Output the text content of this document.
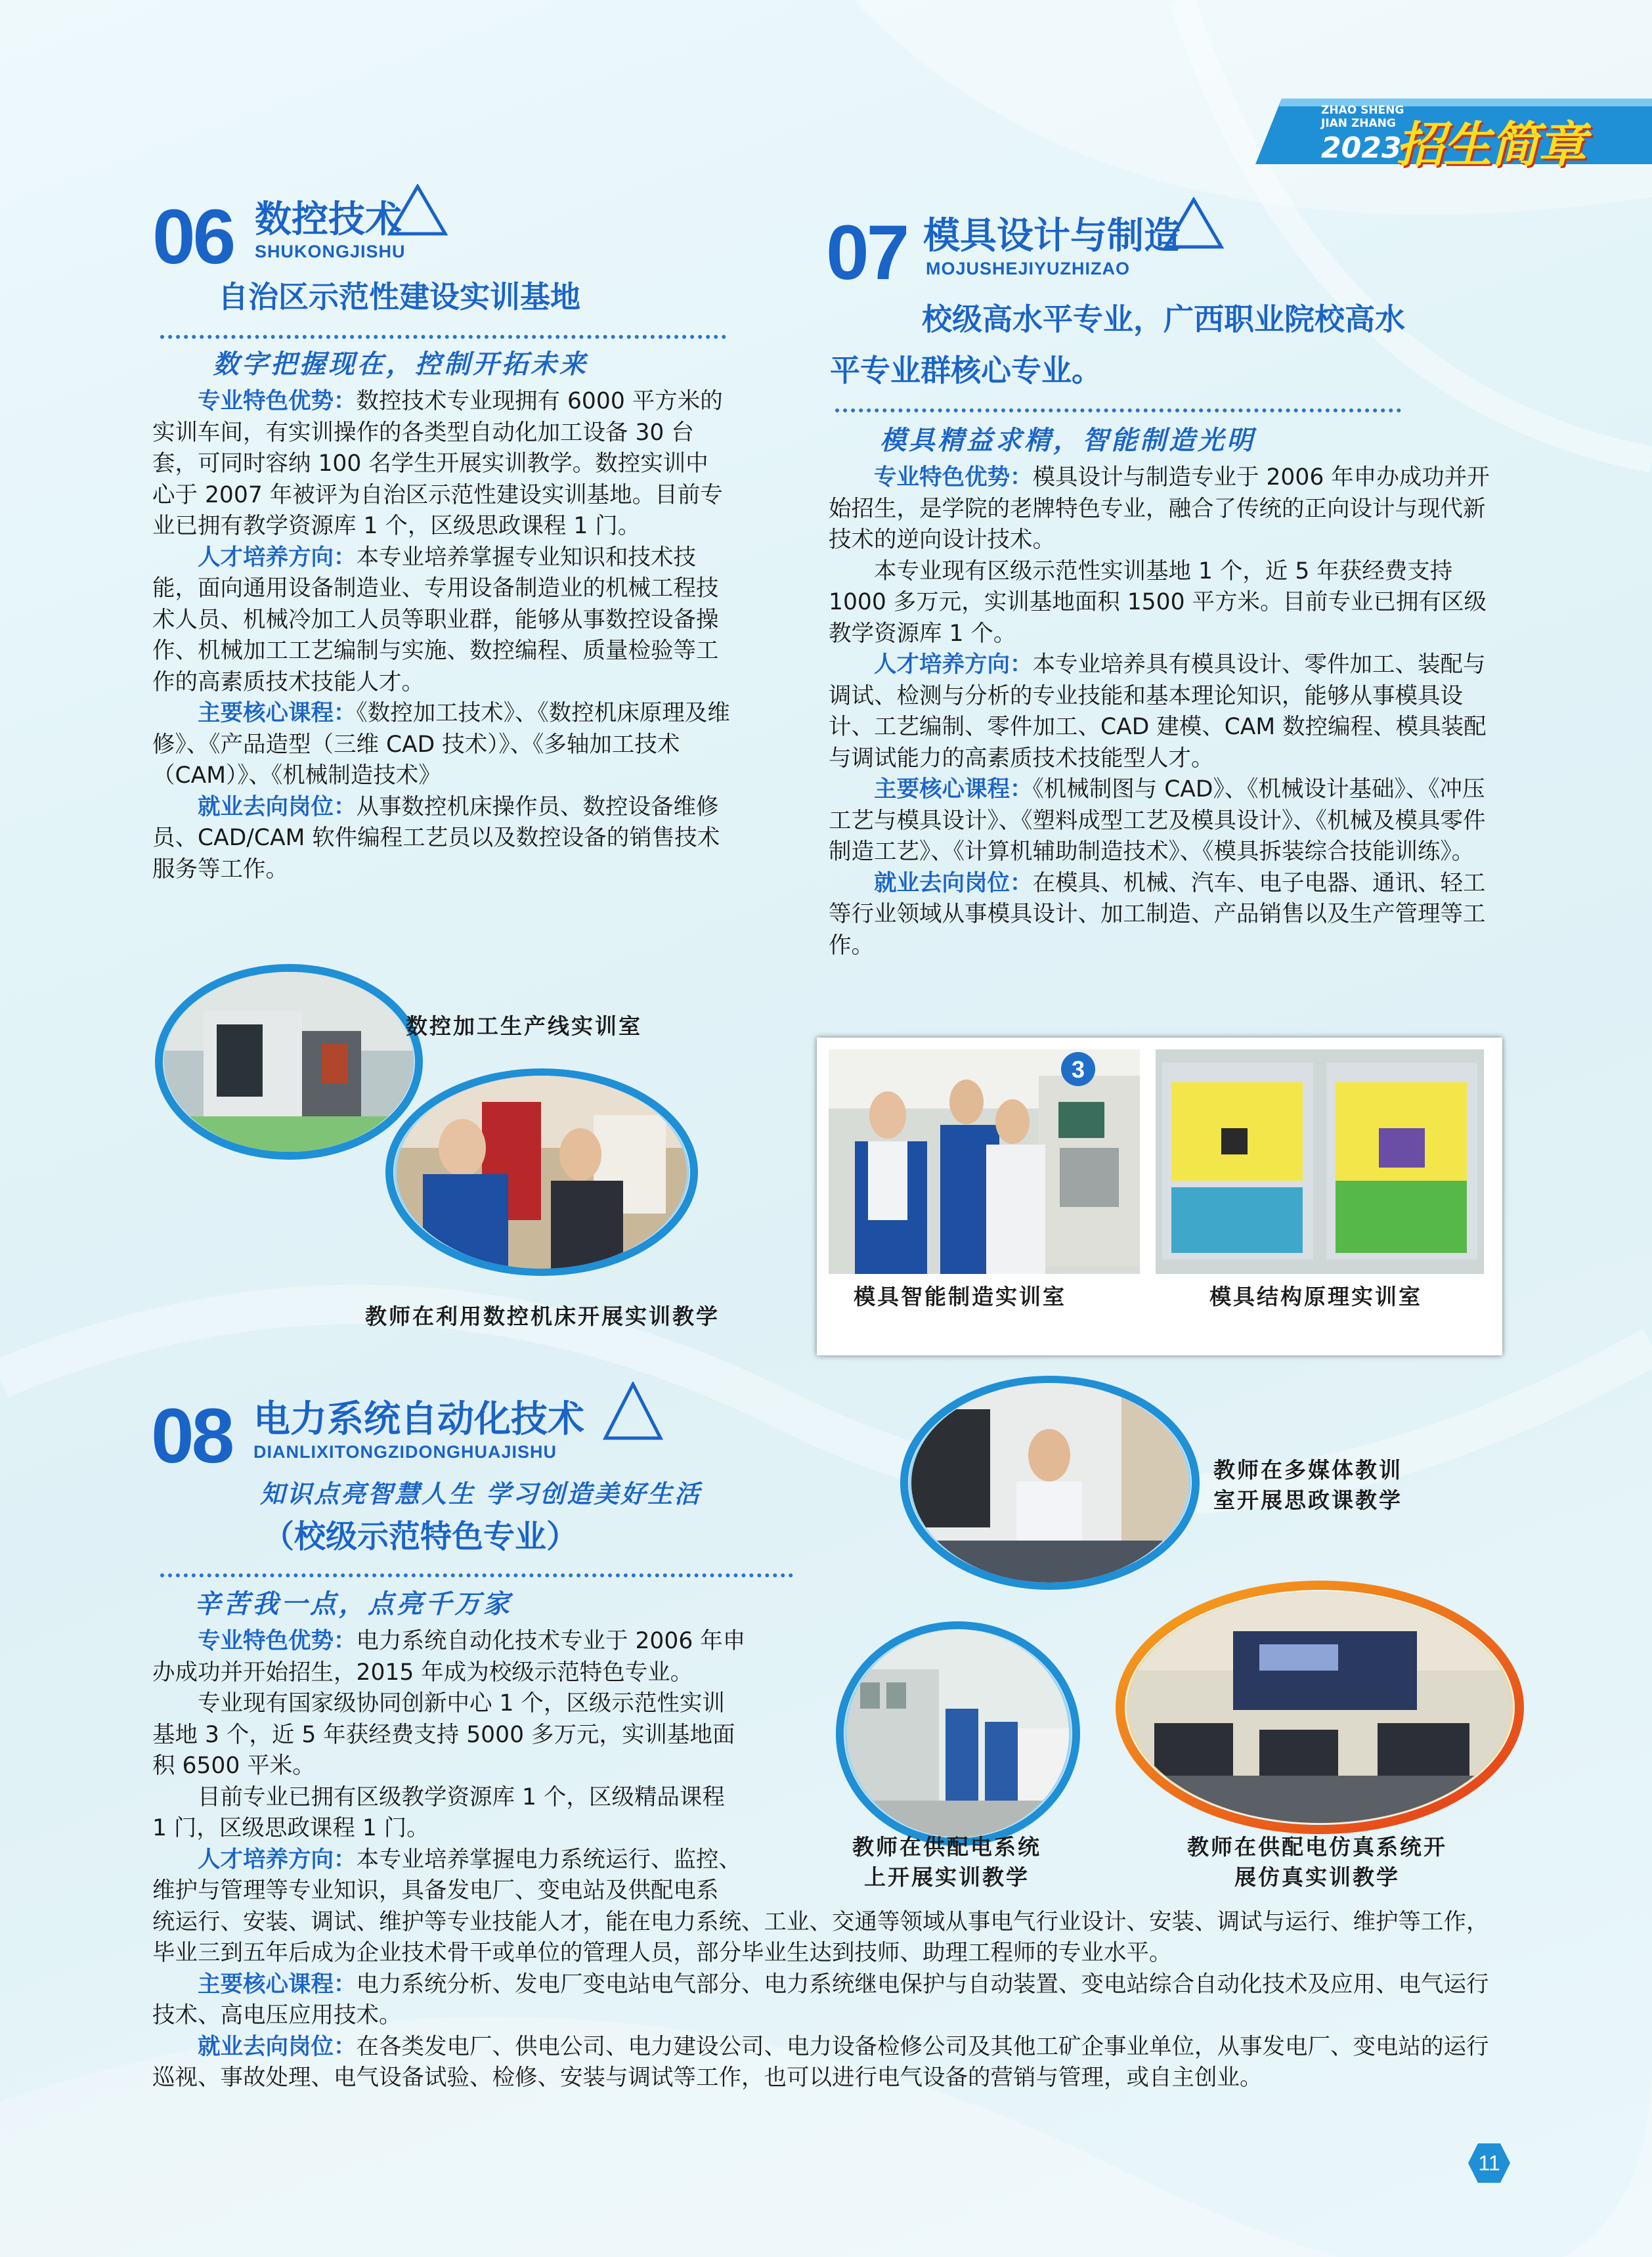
ZHAO SHENG
JIAN ZHANG
2023
招生简章
06 数控技术
SHUKONGJISHU
自治区示范性建设实训基地
数字把握现在，控制开拓未来

专业特色优势：数控技术专业现拥有 6000 平方米的实训车间，有实训操作的各类型自动化加工设备 30 台套，可同时容纳 100 名学生开展实训教学。数控实训中心于 2007 年被评为自治区示范性建设实训基地。目前专业已拥有教学资源库 1 个，区级思政课程 1 门。

人才培养方向：本专业培养掌握专业知识和技术技能，面向通用设备制造业、专用设备制造业的机械工程技术人员、机械冷加工人员等职业群，能够从事数控设备操作、机械加工工艺编制与实施、数控编程、质量检验等工作的高素质技术技能人才。

主要核心课程：《数控加工技术》、《数控机床原理及维修》、《产品造型（三维 CAD 技术）》、《多轴加工技术（CAM）》、《机械制造技术》

就业去向岗位：从事数控机床操作员、数控设备维修员、CAD/CAM 软件编程工艺员以及数控设备的销售技术服务等工作。

数控加工生产线实训室
教师在利用数控机床开展实训教学
07 模具设计与制造
MOJUSHEJIYUZHIZAO
校级高水平专业，广西职业院校高水
平专业群核心专业。
模具精益求精，智能制造光明

专业特色优势：模具设计与制造专业于 2006 年申办成功并开始招生，是学院的老牌特色专业，融合了传统的正向设计与现代新技术的逆向设计技术。

本专业现有区级示范性实训基地 1 个，近 5 年获经费支持 1000 多万元，实训基地面积 1500 平方米。目前专业已拥有区级教学资源库 1 个。

人才培养方向：本专业培养具有模具设计、零件加工、装配与调试、检测与分析的专业技能和基本理论知识，能够从事模具设计、工艺编制、零件加工、CAD 建模、CAM 数控编程、模具装配与调试能力的高素质技术技能型人才。

主要核心课程：《机械制图与 CAD》、《机械设计基础》、《冲压工艺与模具设计》、《塑料成型工艺及模具设计》、《机械及模具零件制造工艺》、《计算机辅助制造技术》、《模具拆装综合技能训练》。

就业去向岗位：在模具、机械、汽车、电子电器、通讯、轻工等行业领域从事模具设计、加工制造、产品销售以及生产管理等工作。

3
模具智能制造实训室	模具结构原理实训室
08 电力系统自动化技术
DIANLIXITONGZIDONGHUAJISHU
知识点亮智慧人生 学习创造美好生活
（校级示范特色专业）
辛苦我一点，点亮千万家

专业特色优势：电力系统自动化技术专业于 2006 年申

办成功并开始招生，2015 年成为校级示范特色专业。

专业现有国家级协同创新中心 1 个，区级示范性实训

基地 3 个，近 5 年获经费支持 5000 多万元，实训基地面

积 6500 平米。

目前专业已拥有区级教学资源库 1 个，区级精品课程

1 门，区级思政课程 1 门。

人才培养方向：本专业培养掌握电力系统运行、监控、

维护与管理等专业知识，具备发电厂、变电站及供配电系

统运行、安装、调试、维护等专业技能人才，能在电力系统、工业、交通等领域从事电气行业设计、安装、调试与运行、维护等工作，毕业三到五年后成为企业技术骨干或单位的管理人员，部分毕业生达到技师、助理工程师的专业水平。

主要核心课程：电力系统分析、发电厂变电站电气部分、电力系统继电保护与自动装置、变电站综合自动化技术及应用、电气运行技术、高电压应用技术。

就业去向岗位：在各类发电厂、供电公司、电力建设公司、电力设备检修公司及其他工矿企事业单位，从事发电厂、变电站的运行巡视、事故处理、电气设备试验、检修、安装与调试等工作，也可以进行电气设备的营销与管理，或自主创业。

教师在多媒体教训
室开展思政课教学
教师在供配电系统
上开展实训教学
教师在供配电仿真系统开
展仿真实训教学
11
